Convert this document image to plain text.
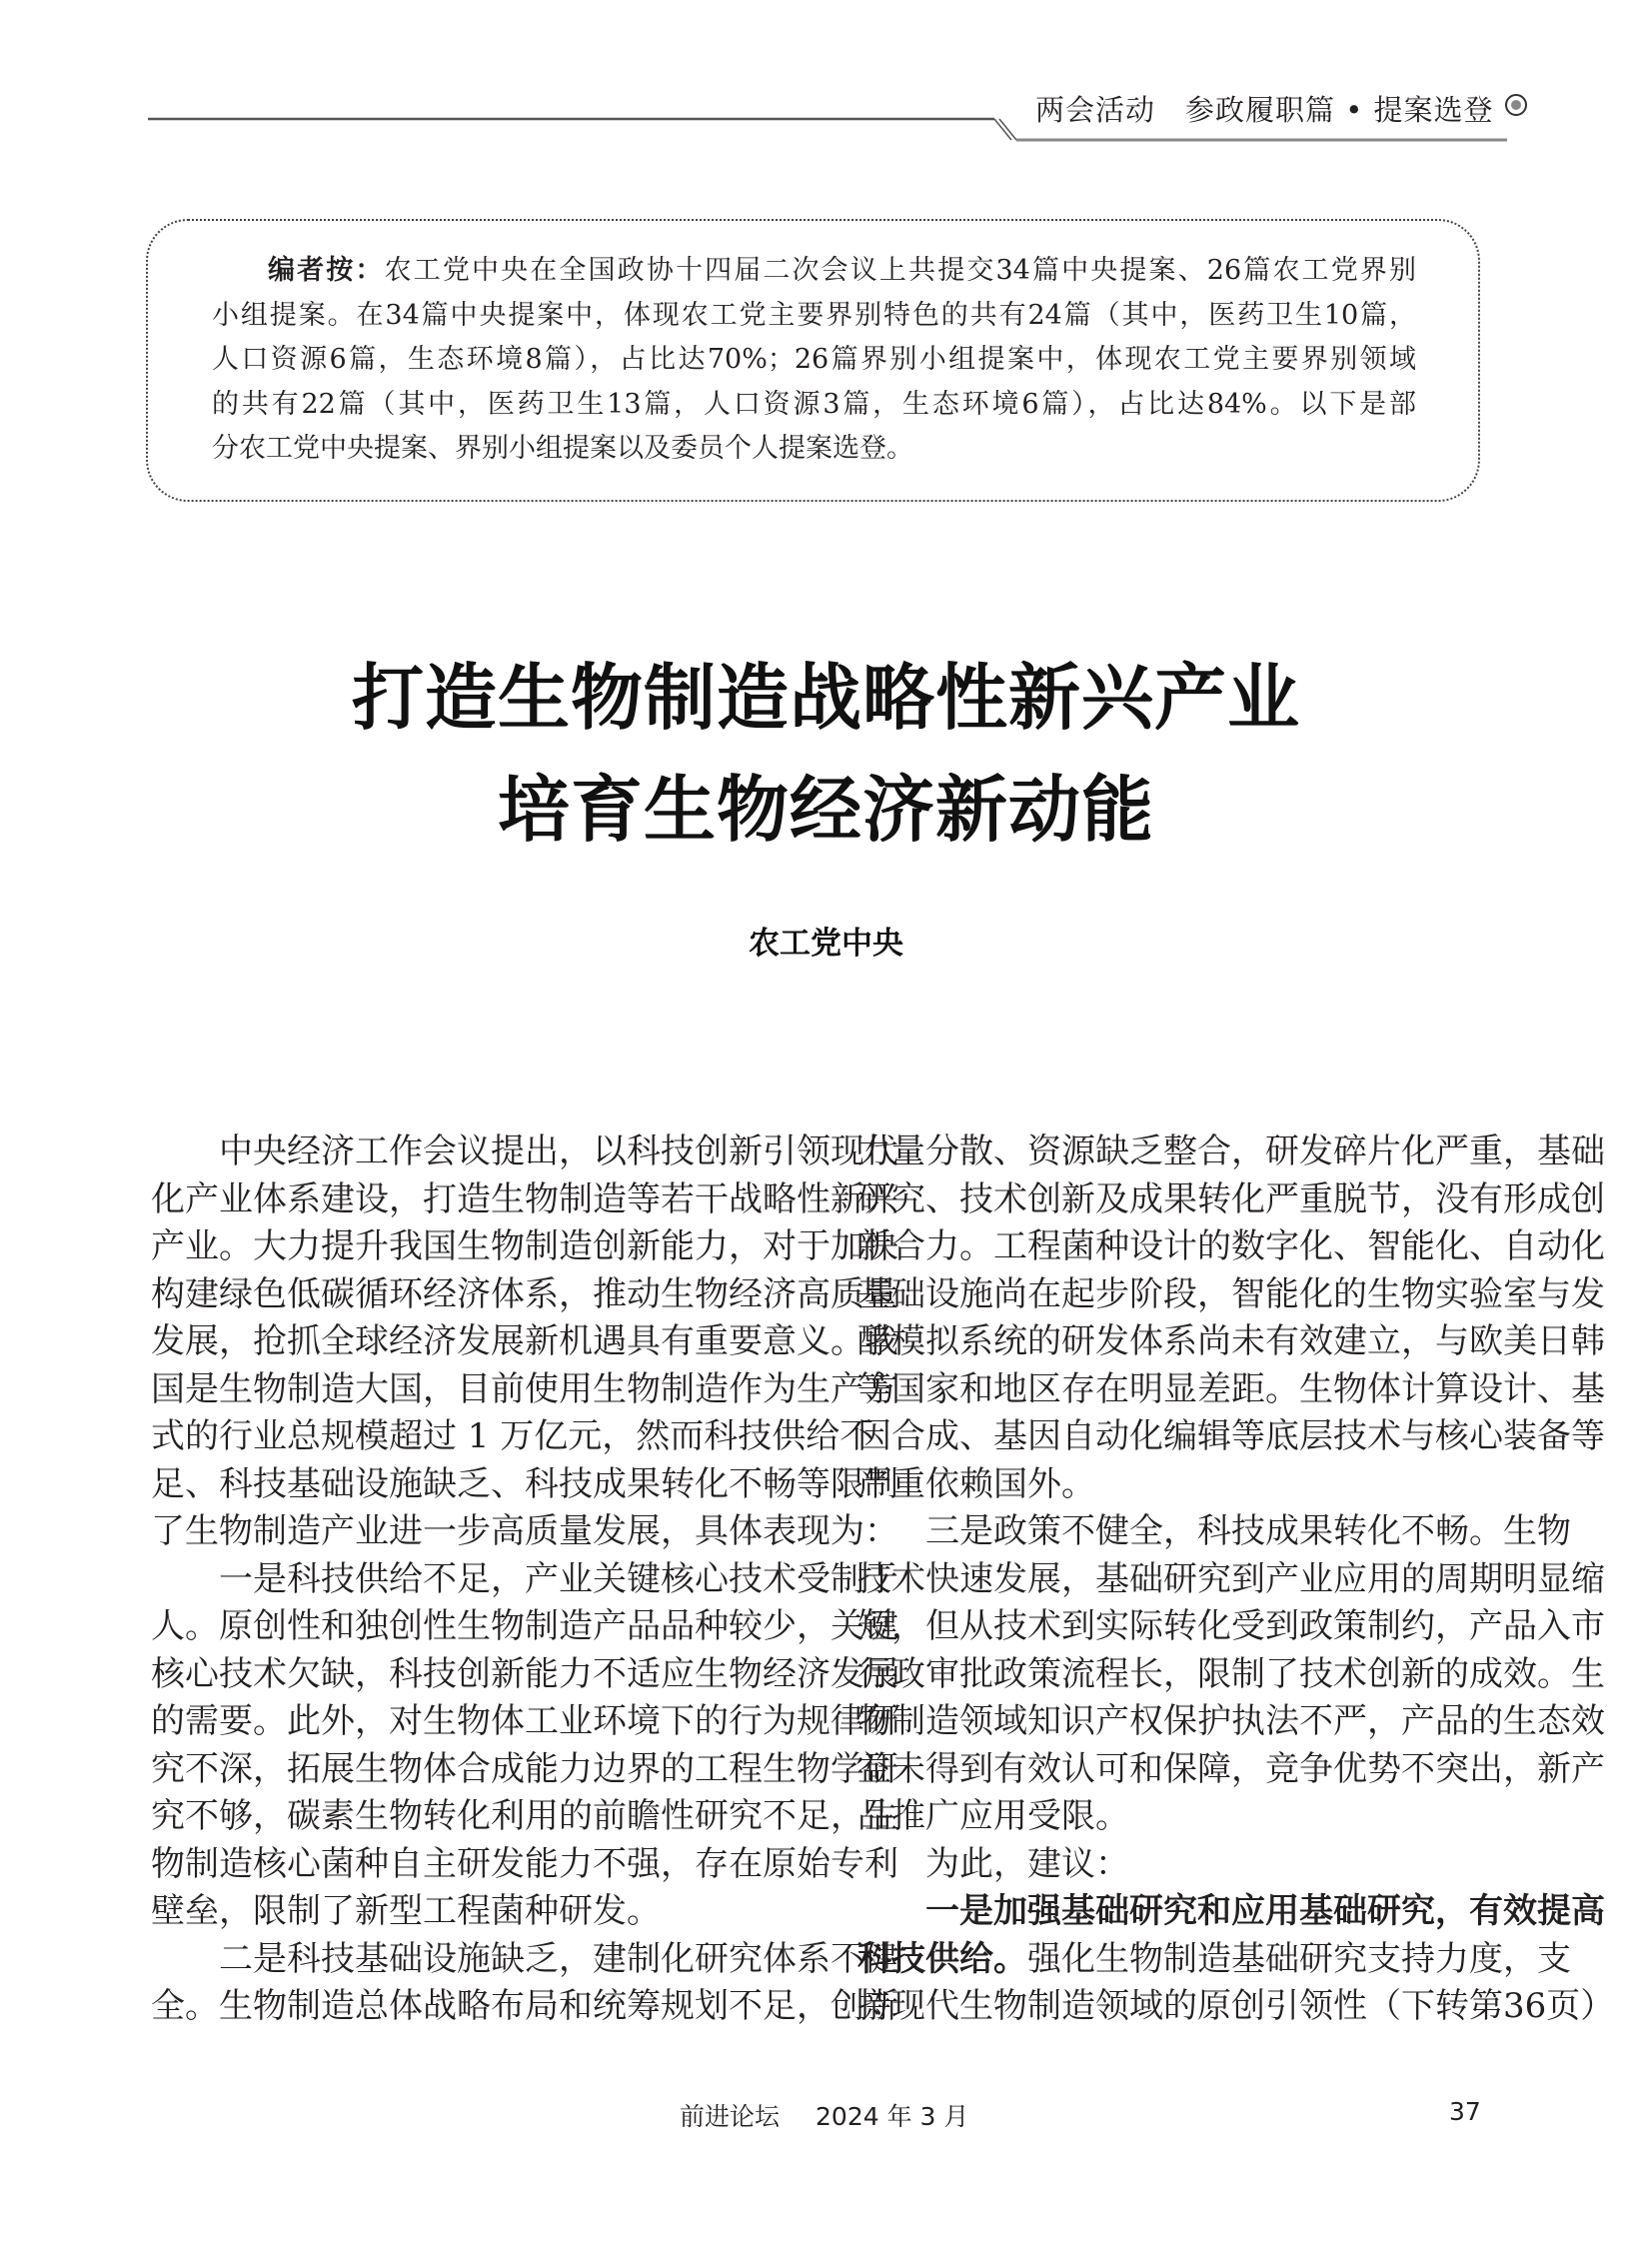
两会活动　参政履职篇 • 提案选登
编者按：农工党中央在全国政协十四届二次会议上共提交34篇中央提案、26篇农工党界别
小组提案。在34篇中央提案中，体现农工党主要界别特色的共有24篇（其中，医药卫生10篇，
人口资源6篇，生态环境8篇），占比达70%；26篇界别小组提案中，体现农工党主要界别领域
的共有22篇（其中，医药卫生13篇，人口资源3篇，生态环境6篇），占比达84%。以下是部
分农工党中央提案、界别小组提案以及委员个人提案选登。
打造生物制造战略性新兴产业
培育生物经济新动能
农工党中央
中央经济工作会议提出，以科技创新引领现代
化产业体系建设，打造生物制造等若干战略性新兴
产业。大力提升我国生物制造创新能力，对于加快
构建绿色低碳循环经济体系，推动生物经济高质量
发展，抢抓全球经济发展新机遇具有重要意义。我
国是生物制造大国，目前使用生物制造作为生产方
式的行业总规模超过 1 万亿元，然而科技供给不
足、科技基础设施缺乏、科技成果转化不畅等限制
了生物制造产业进一步高质量发展，具体表现为：
一是科技供给不足，产业关键核心技术受制于
人。原创性和独创性生物制造产品品种较少，关键
核心技术欠缺，科技创新能力不适应生物经济发展
的需要。此外，对生物体工业环境下的行为规律研
究不深，拓展生物体合成能力边界的工程生物学研
究不够，碳素生物转化利用的前瞻性研究不足，生
物制造核心菌种自主研发能力不强，存在原始专利
壁垒，限制了新型工程菌种研发。
二是科技基础设施缺乏，建制化研究体系不健
全。生物制造总体战略布局和统筹规划不足，创新
力量分散、资源缺乏整合，研发碎片化严重，基础
研究、技术创新及成果转化严重脱节，没有形成创
新合力。工程菌种设计的数字化、智能化、自动化
基础设施尚在起步阶段，智能化的生物实验室与发
酵模拟系统的研发体系尚未有效建立，与欧美日韩
等国家和地区存在明显差距。生物体计算设计、基
因合成、基因自动化编辑等底层技术与核心装备等
严重依赖国外。
三是政策不健全，科技成果转化不畅。生物
技术快速发展，基础研究到产业应用的周期明显缩
短，但从技术到实际转化受到政策制约，产品入市
行政审批政策流程长，限制了技术创新的成效。生
物制造领域知识产权保护执法不严，产品的生态效
益未得到有效认可和保障，竞争优势不突出，新产
品推广应用受限。
为此，建议：
一是加强基础研究和应用基础研究，有效提高
科技供给。强化生物制造基础研究支持力度，支
持现代生物制造领域的原创引领性（下转第36页）
前进论坛 2024 年 3 月	37
